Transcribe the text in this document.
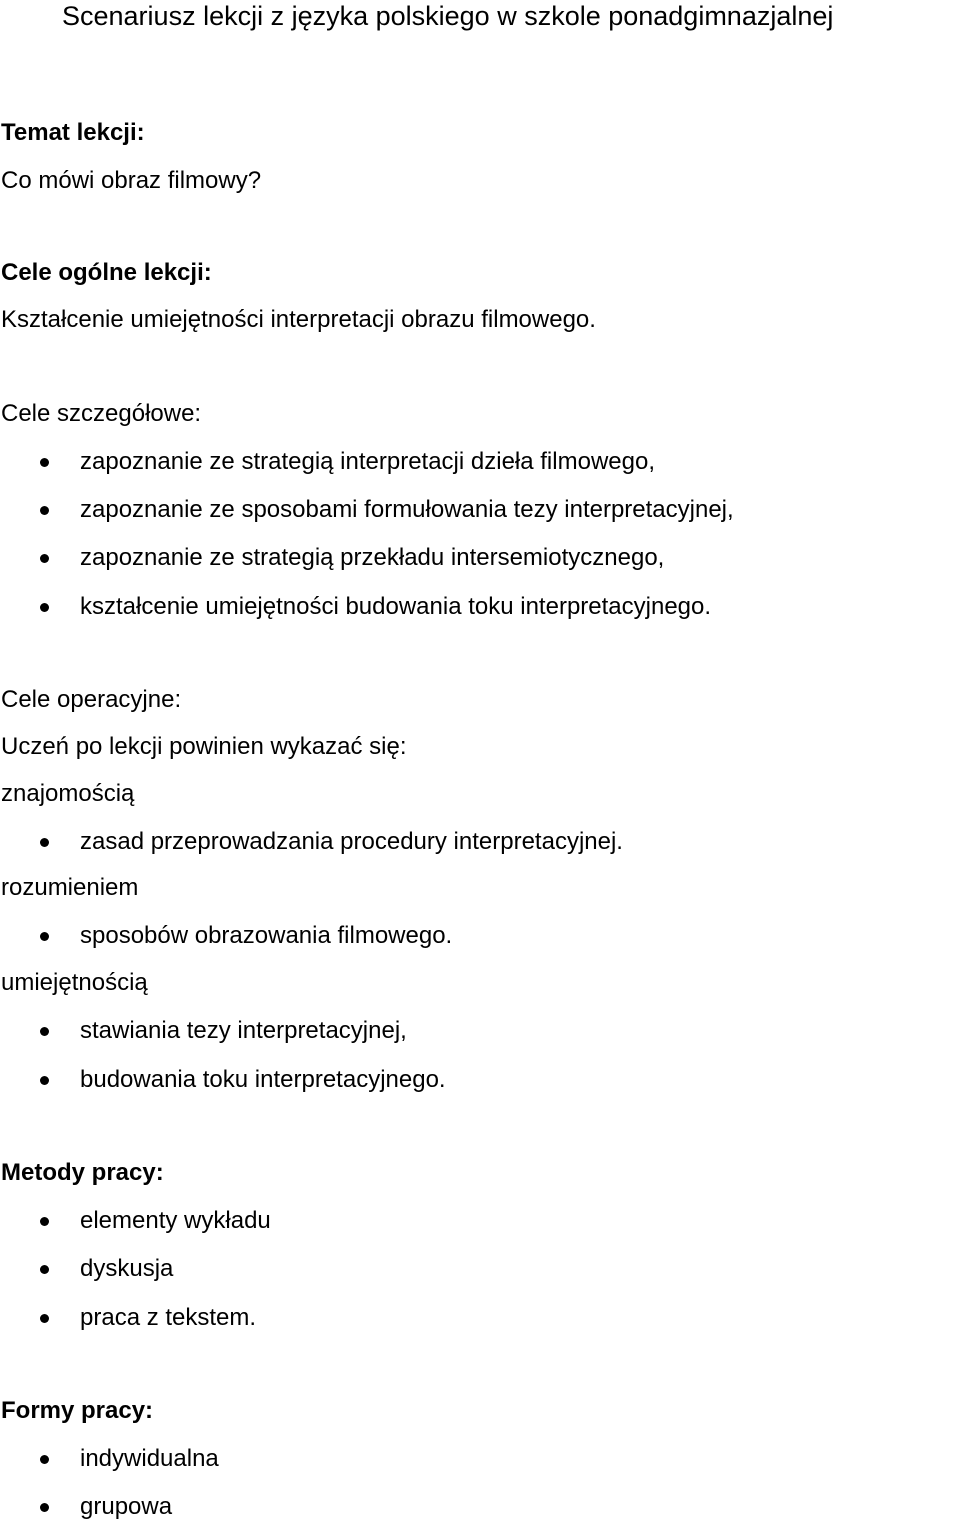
Scenariusz lekcji z języka polskiego w szkole ponadgimnazjalnej
Temat lekcji:
Co mówi obraz filmowy?
Cele ogólne lekcji:
Kształcenie umiejętności interpretacji obrazu filmowego.
Cele szczegółowe:
zapoznanie ze strategią interpretacji dzieła filmowego,
zapoznanie ze sposobami formułowania tezy interpretacyjnej,
zapoznanie ze strategią przekładu intersemiotycznego,
kształcenie umiejętności budowania toku interpretacyjnego.
Cele operacyjne:
Uczeń po lekcji powinien wykazać się:
znajomością
zasad przeprowadzania procedury interpretacyjnej.
rozumieniem
sposobów obrazowania filmowego.
umiejętnością
stawiania tezy interpretacyjnej,
budowania toku interpretacyjnego.
Metody pracy:
elementy wykładu
dyskusja
praca z tekstem.
Formy pracy:
indywidualna
grupowa
